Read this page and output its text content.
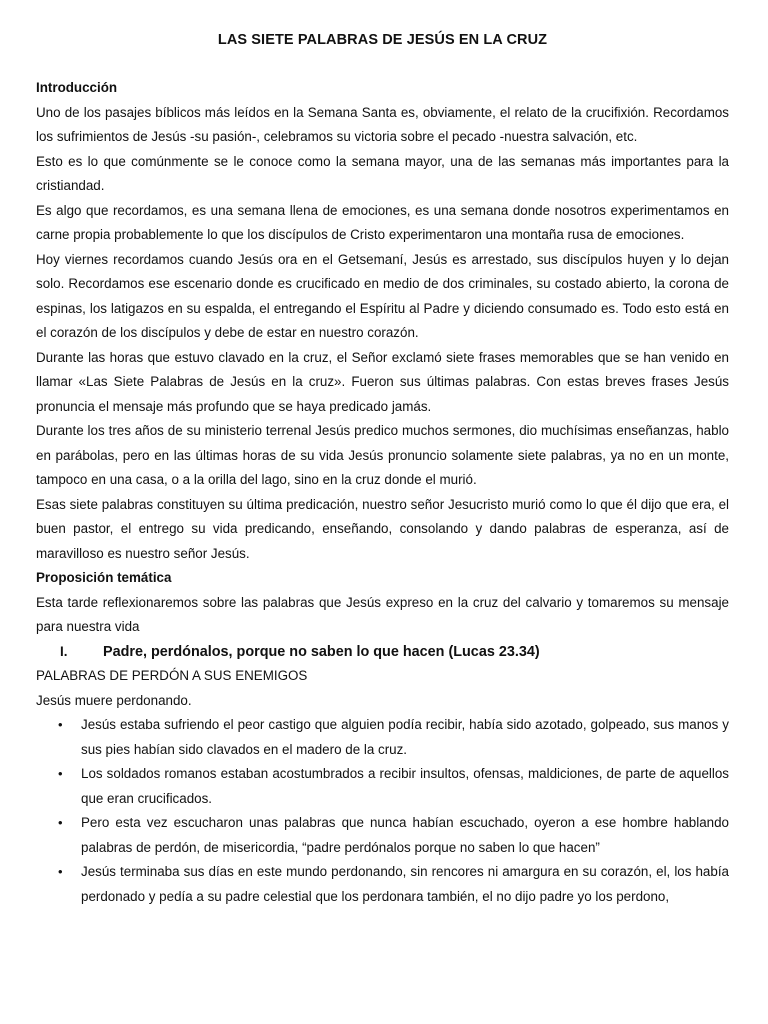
LAS SIETE PALABRAS DE JESÚS EN LA CRUZ
Introducción

Uno de los pasajes bíblicos más leídos en la Semana Santa es, obviamente, el relato de la crucifixión. Recordamos los sufrimientos de Jesús -su pasión-, celebramos su victoria sobre el pecado -nuestra salvación, etc.

Esto es lo que comúnmente se le conoce como la semana mayor, una de las semanas más importantes para la cristiandad.

Es algo que recordamos, es una semana llena de emociones, es una semana donde nosotros experimentamos en carne propia probablemente lo que los discípulos de Cristo experimentaron una montaña rusa de emociones.

Hoy viernes recordamos cuando Jesús ora en el Getsemaní, Jesús es arrestado, sus discípulos huyen y lo dejan solo. Recordamos ese escenario donde es crucificado en medio de dos criminales, su costado abierto, la corona de espinas, los latigazos en su espalda, el entregando el Espíritu al Padre y diciendo consumado es. Todo esto está en el corazón de los discípulos y debe de estar en nuestro corazón.

Durante las horas que estuvo clavado en la cruz, el Señor exclamó siete frases memorables que se han venido en llamar «Las Siete Palabras de Jesús en la cruz». Fueron sus últimas palabras. Con estas breves frases Jesús pronuncia el mensaje más profundo que se haya predicado jamás.

Durante los tres años de su ministerio terrenal Jesús predico muchos sermones, dio muchísimas enseñanzas, hablo en parábolas, pero en las últimas horas de su vida Jesús pronuncio solamente siete palabras, ya no en un monte, tampoco en una casa, o a la orilla del lago, sino en la cruz donde el murió.

Esas siete palabras constituyen su última predicación, nuestro señor Jesucristo murió como lo que él dijo que era, el buen pastor, el entrego su vida predicando, enseñando, consolando y dando palabras de esperanza, así de maravilloso es nuestro señor Jesús.

Proposición temática

Esta tarde reflexionaremos sobre las palabras que Jesús expreso en la cruz del calvario y tomaremos su mensaje para nuestra vida

I.	Padre, perdónalos, porque no saben lo que hacen (Lucas 23.34)

PALABRAS DE PERDÓN A SUS ENEMIGOS

Jesús muere perdonando.

• Jesús estaba sufriendo el peor castigo que alguien podía recibir, había sido azotado, golpeado, sus manos y sus pies habían sido clavados en el madero de la cruz.
• Los soldados romanos estaban acostumbrados a recibir insultos, ofensas, maldiciones, de parte de aquellos que eran crucificados.
• Pero esta vez escucharon unas palabras que nunca habían escuchado, oyeron a ese hombre hablando palabras de perdón, de misericordia, “padre perdónalos porque no saben lo que hacen”
• Jesús terminaba sus días en este mundo perdonando, sin rencores ni amargura en su corazón, el, los había perdonado y pedía a su padre celestial que los perdonara también, el no dijo padre yo los perdono,
